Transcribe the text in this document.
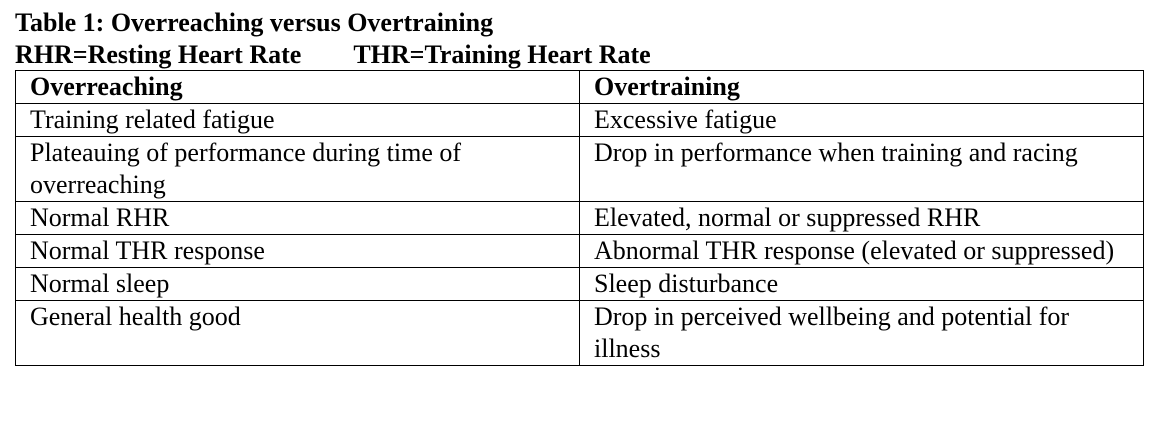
Table 1: Overreaching versus Overtraining
RHR=Resting Heart Rate THR=Training Heart Rate
Overreaching	Overtraining
Training related fatigue	Excessive fatigue
Plateauing of performance during time of overreaching	Drop in performance when training and racing
Normal RHR	Elevated, normal or suppressed RHR
Normal THR response	Abnormal THR response (elevated or suppressed)
Normal sleep	Sleep disturbance
General health good	Drop in perceived wellbeing and potential for illness
